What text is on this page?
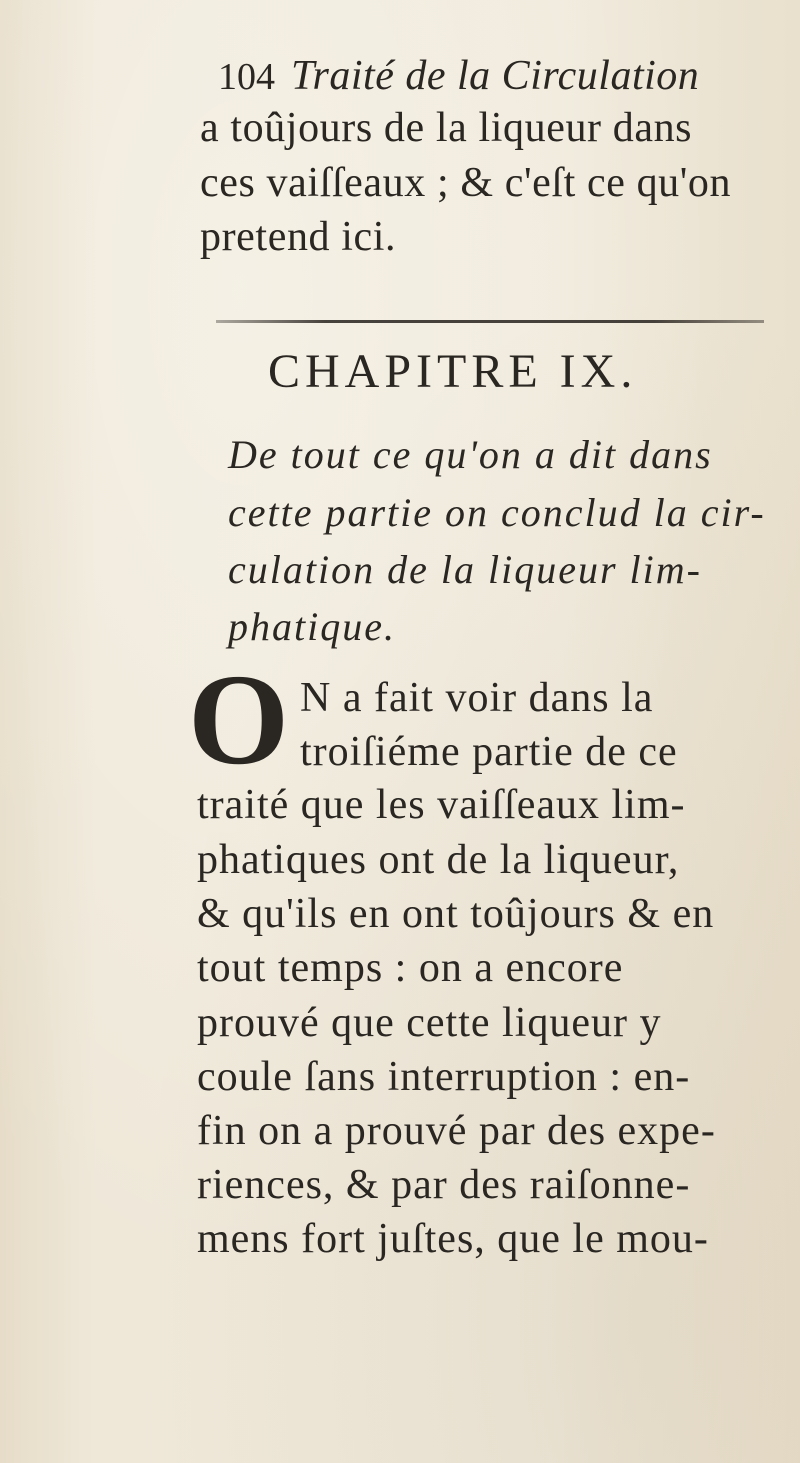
104 Traité de la Circulation
a toûjours de la liqueur dans
ces vaiſſeaux ; & c'eſt ce qu'on
pretend ici.
CHAPITRE IX.
De tout ce qu'on a dit dans
cette partie on conclud la cir-
culation de la liqueur lim-
phatique.
O N a fait voir dans la
troiſiéme partie de ce
traité que les vaiſſeaux lim-
phatiques ont de la liqueur,
& qu'ils en ont toûjours & en
tout temps : on a encore
prouvé que cette liqueur y
coule ſans interruption : en-
fin on a prouvé par des expe-
riences, & par des raiſonne-
mens fort juſtes, que le mou-
